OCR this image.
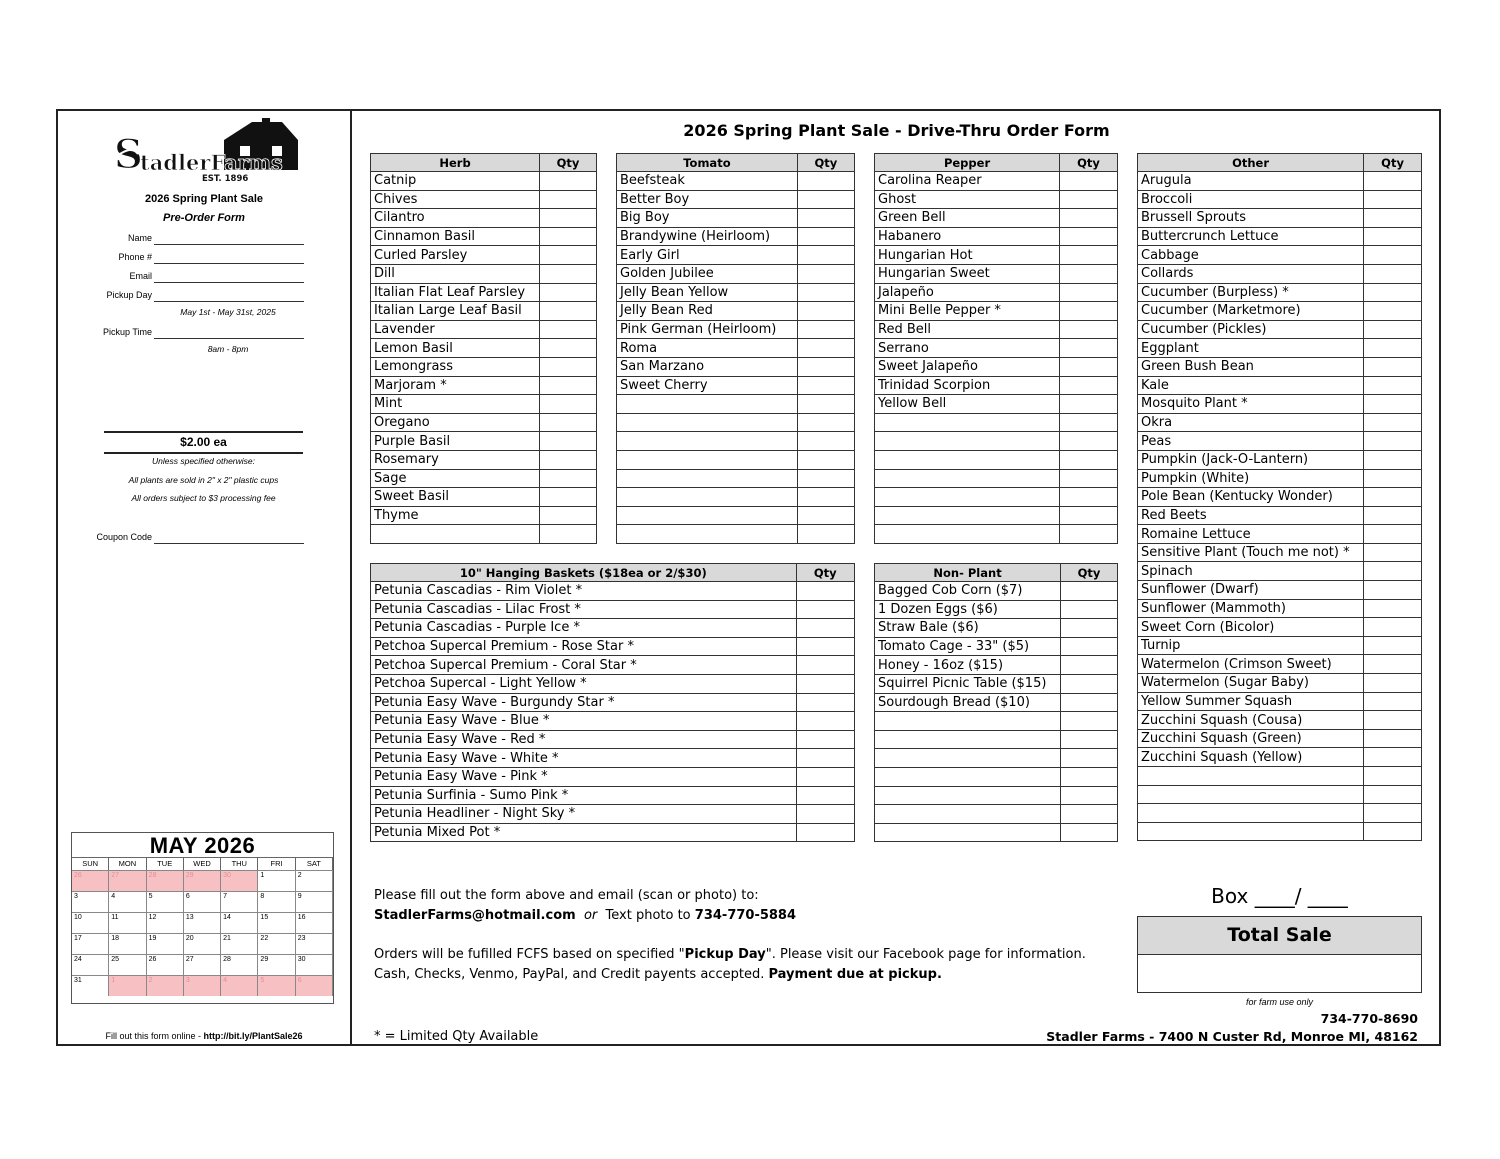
S
tadlerFarms
EST. 1896
2026 Spring Plant Sale
Pre-Order Form
Name
Phone #
Email
Pickup Day
May 1st - May 31st, 2025
Pickup Time
8am - 8pm
$2.00 ea
Unless specified otherwise:
All plants are sold in 2" x 2" plastic cups
All orders subject to $3 processing fee
Coupon Code
MAY 2026
SUN	MON	TUE	WED	THU	FRI	SAT
26	27	28	29	30	1	2
3	4	5	6	7	8	9
10	11	12	13	14	15	16
17	18	19	20	21	22	23
24	25	26	27	28	29	30
31	1	2	3	4	5	6
Fill out this form online - http://bit.ly/PlantSale26
2026 Spring Plant Sale - Drive-Thru Order Form
Herb	Qty
Catnip	
Chives	
Cilantro	
Cinnamon Basil	
Curled Parsley	
Dill	
Italian Flat Leaf Parsley	
Italian Large Leaf Basil	
Lavender	
Lemon Basil	
Lemongrass	
Marjoram *	
Mint	
Oregano	
Purple Basil	
Rosemary	
Sage	
Sweet Basil	
Thyme	

Tomato	Qty
Beefsteak	
Better Boy	
Big Boy	
Brandywine (Heirloom)	
Early Girl	
Golden Jubilee	
Jelly Bean Yellow	
Jelly Bean Red	
Pink German (Heirloom)	
Roma	
San Marzano	
Sweet Cherry	

Pepper	Qty
Carolina Reaper	
Ghost	
Green Bell	
Habanero	
Hungarian Hot	
Hungarian Sweet	
Jalapeño	
Mini Belle Pepper *	
Red Bell	
Serrano	
Sweet Jalapeño	
Trinidad Scorpion	
Yellow Bell	

Other	Qty
Arugula	
Broccoli	
Brussell Sprouts	
Buttercrunch Lettuce	
Cabbage	
Collards	
Cucumber (Burpless) *	
Cucumber (Marketmore)	
Cucumber (Pickles)	
Eggplant	
Green Bush Bean	
Kale	
Mosquito Plant *	
Okra	
Peas	
Pumpkin (Jack-O-Lantern)	
Pumpkin (White)	
Pole Bean (Kentucky Wonder)	
Red Beets	
Romaine Lettuce	
Sensitive Plant (Touch me not) *	
Spinach	
Sunflower (Dwarf)	
Sunflower (Mammoth)	
Sweet Corn (Bicolor)	
Turnip	
Watermelon (Crimson Sweet)	
Watermelon (Sugar Baby)	
Yellow Summer Squash	
Zucchini Squash (Cousa)	
Zucchini Squash (Green)	
Zucchini Squash (Yellow)	

10" Hanging Baskets ($18ea or 2/$30)	Qty
Petunia Cascadias - Rim Violet *	
Petunia Cascadias - Lilac Frost *	
Petunia Cascadias - Purple Ice *	
Petchoa Supercal Premium - Rose Star *	
Petchoa Supercal Premium - Coral Star *	
Petchoa Supercal - Light Yellow *	
Petunia Easy Wave - Burgundy Star *	
Petunia Easy Wave - Blue *	
Petunia Easy Wave - Red *	
Petunia Easy Wave - White *	
Petunia Easy Wave - Pink *	
Petunia Surfinia - Sumo Pink *	
Petunia Headliner - Night Sky *	
Petunia Mixed Pot *	
Non- Plant	Qty
Bagged Cob Corn ($7)	
1 Dozen Eggs ($6)	
Straw Bale ($6)	
Tomato Cage - 33" ($5)	
Honey - 16oz ($15)	
Squirrel Picnic Table ($15)	
Sourdough Bread ($10)	

Please fill out the form above and email (scan or photo) to:
StadlerFarms@hotmail.com or Text photo to 734-770-5884
Orders will be fufilled FCFS based on specified "Pickup Day". Please visit our Facebook page for information.
Cash, Checks, Venmo, PayPal, and Credit payents accepted. Payment due at pickup.
* = Limited Qty Available
Box ____/ ____
Total Sale
for farm use only
734-770-8690
Stadler Farms - 7400 N Custer Rd, Monroe MI, 48162
